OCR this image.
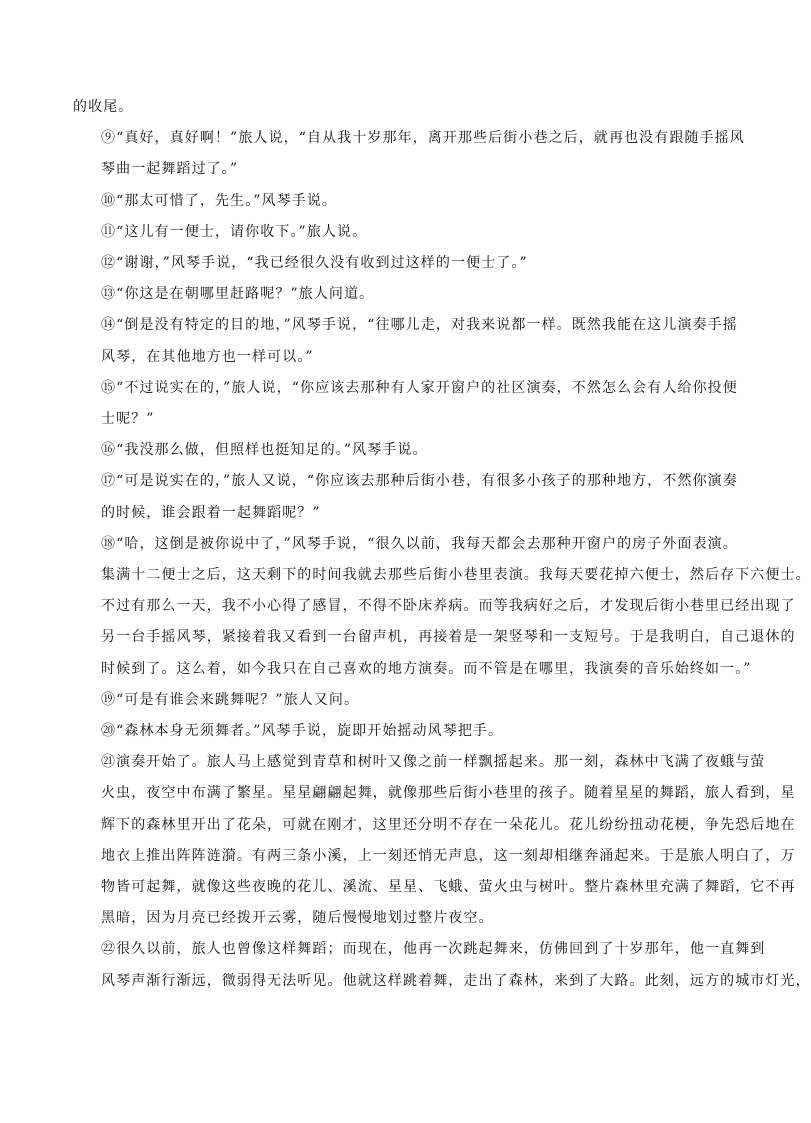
的收尾。

⑨“真好，真好啊！”旅人说，“自从我十岁那年，离开那些后街小巷之后，就再也没有跟随手摇风
琴曲一起舞蹈过了。”

⑩“那太可惜了，先生。”风琴手说。

⑪“这儿有一便士，请你收下。”旅人说。

⑫“谢谢，”风琴手说，“我已经很久没有收到过这样的一便士了。”

⑬“你这是在朝哪里赶路呢？”旅人问道。

⑭“倒是没有特定的目的地，”风琴手说，“往哪儿走，对我来说都一样。既然我能在这儿演奏手摇
风琴，在其他地方也一样可以。”

⑮“不过说实在的，”旅人说，“你应该去那种有人家开窗户的社区演奏，不然怎么会有人给你投便
士呢？”

⑯“我没那么做，但照样也挺知足的。”风琴手说。

⑰“可是说实在的，”旅人又说，“你应该去那种后街小巷，有很多小孩子的那种地方，不然你演奏
的时候，谁会跟着一起舞蹈呢？”

⑱“哈，这倒是被你说中了，”风琴手说，“很久以前，我每天都会去那种开窗户的房子外面表演。
集满十二便士之后，这天剩下的时间我就去那些后街小巷里表演。我每天要花掉六便士，然后存下六便士。
不过有那么一天，我不小心得了感冒，不得不卧床养病。而等我病好之后，才发现后街小巷里已经出现了
另一台手摇风琴，紧接着我又看到一台留声机，再接着是一架竖琴和一支短号。于是我明白，自己退休的
时候到了。这么着，如今我只在自己喜欢的地方演奏。而不管是在哪里，我演奏的音乐始终如一。”

⑲“可是有谁会来跳舞呢？”旅人又问。

⑳“森林本身无须舞者。”风琴手说，旋即开始摇动风琴把手。

㉑演奏开始了。旅人马上感觉到青草和树叶又像之前一样飘摇起来。那一刻，森林中飞满了夜蛾与萤
火虫，夜空中布满了繁星。星星翩翩起舞，就像那些后街小巷里的孩子。随着星星的舞蹈，旅人看到，星
辉下的森林里开出了花朵，可就在刚才，这里还分明不存在一朵花儿。花儿纷纷扭动花梗，争先恐后地在
地衣上推出阵阵涟漪。有两三条小溪，上一刻还悄无声息，这一刻却相继奔涌起来。于是旅人明白了，万
物皆可起舞，就像这些夜晚的花儿、溪流、星星、飞蛾、萤火虫与树叶。整片森林里充满了舞蹈，它不再
黑暗，因为月亮已经拨开云雾，随后慢慢地划过整片夜空。

㉒很久以前，旅人也曾像这样舞蹈；而现在，他再一次跳起舞来，仿佛回到了十岁那年，他一直舞到
风琴声渐行渐远，微弱得无法听见。他就这样跳着舞，走出了森林，来到了大路。此刻，远方的城市灯光，
